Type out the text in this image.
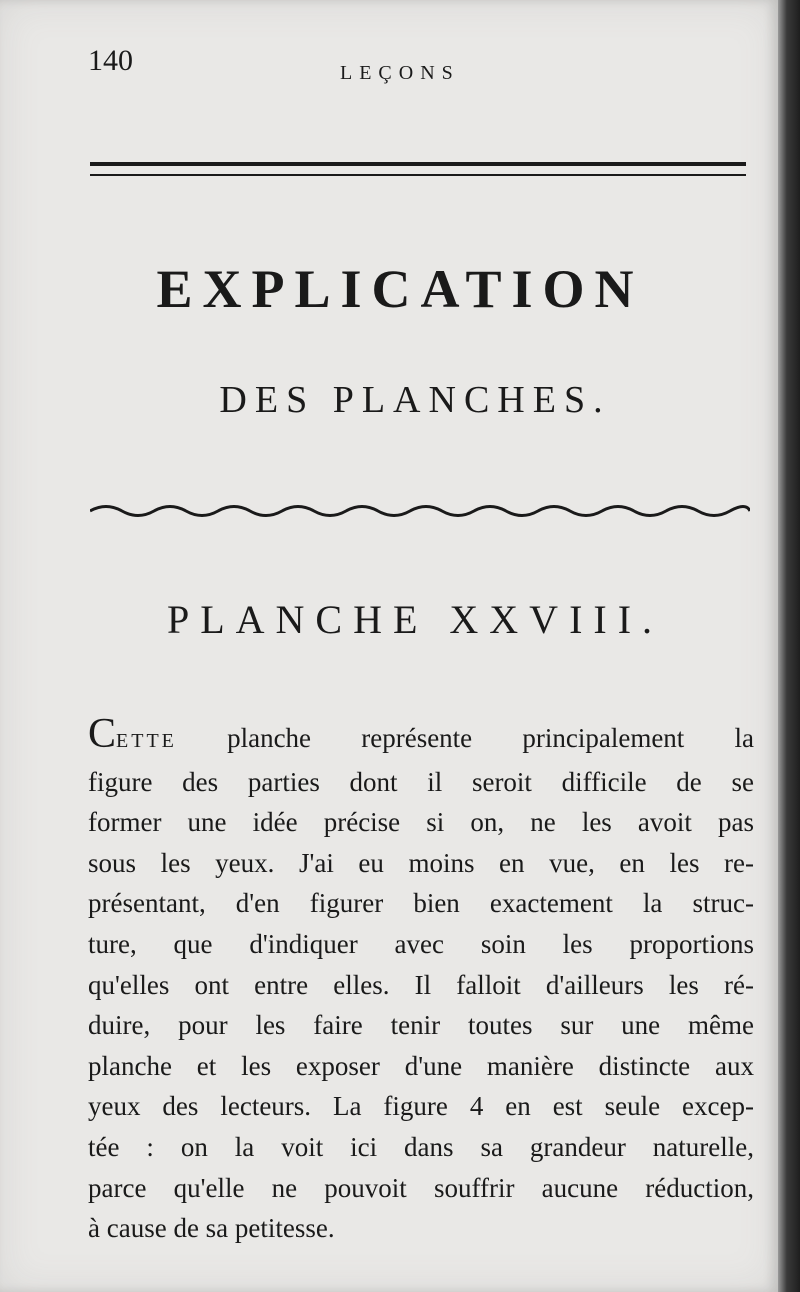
140	LEÇONS
EXPLICATION
DES PLANCHES.
PLANCHE XXVIII.
CETTE planche représente principalement la
figure des parties dont il seroit difficile de se
former une idée précise si on, ne les avoit pas
sous les yeux. J'ai eu moins en vue, en les re-
présentant, d'en figurer bien exactement la struc-
ture, que d'indiquer avec soin les proportions
qu'elles ont entre elles. Il falloit d'ailleurs les ré-
duire, pour les faire tenir toutes sur une même
planche et les exposer d'une manière distincte aux
yeux des lecteurs. La figure 4 en est seule excep-
tée : on la voit ici dans sa grandeur naturelle,
parce qu'elle ne pouvoit souffrir aucune réduction,
à cause de sa petitesse.
